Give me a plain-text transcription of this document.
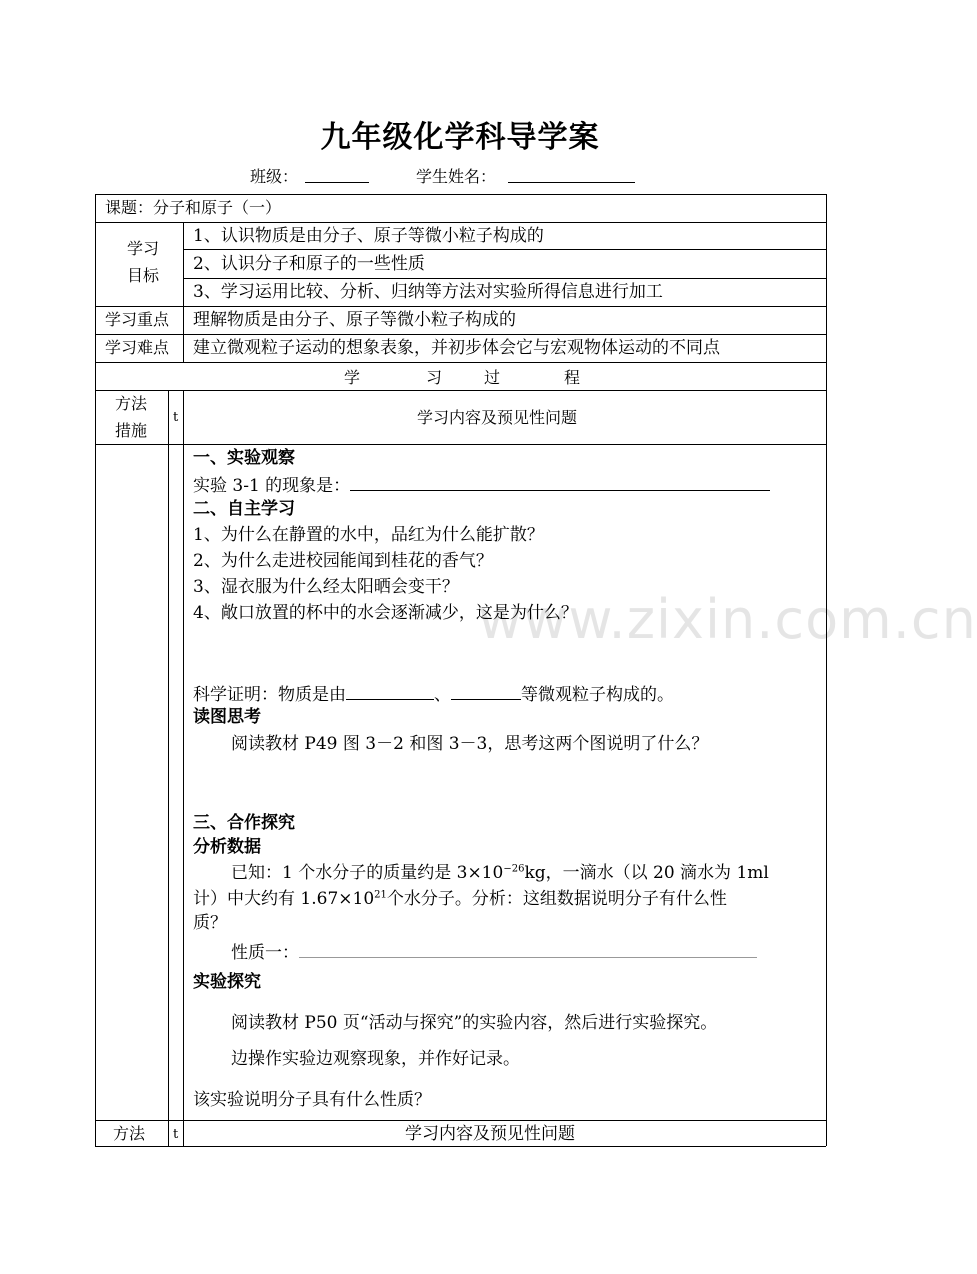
九年级化学科导学案
班级：	学生姓名：
课题：分子和原子（一）
学习
目标
1、认识物质是由分子、原子等微小粒子构成的
2、认识分子和原子的一些性质
3、学习运用比较、分析、归纳等方法对实验所得信息进行加工
学习重点 理解物质是由分子、原子等微小粒子构成的
学习难点 建立微观粒子运动的想象表象，并初步体会它与宏观物体运动的不同点
学	习	过	程
方法
措施
t	学习内容及预见性问题
一、实验观察
实验 3-1 的现象是：
二、自主学习
1、为什么在静置的水中，品红为什么能扩散？
2、为什么走进校园能闻到桂花的香气？
3、湿衣服为什么经太阳晒会变干？
4、敞口放置的杯中的水会逐渐减少，这是为什么？
科学证明：物质是由	、	等微观粒子构成的。
读图思考
阅读教材 P49 图 3－2 和图 3－3，思考这两个图说明了什么？
三、合作探究
分析数据
已知：1 个水分子的质量约是 $3\times 10^{-26}kg$，一滴水（以 20 滴水为 1ml
计）中大约有 $1.67\times 10^{21}$个水分子。分析：这组数据说明分子有什么性
质？
性质一：
实验探究
阅读教材 P50 页“活动与探究”的实验内容，然后进行实验探究。
边操作实验边观察现象，并作好记录。
该实验说明分子具有什么性质？
方法 t	学习内容及预见性问题
www.zixin.com.cn
